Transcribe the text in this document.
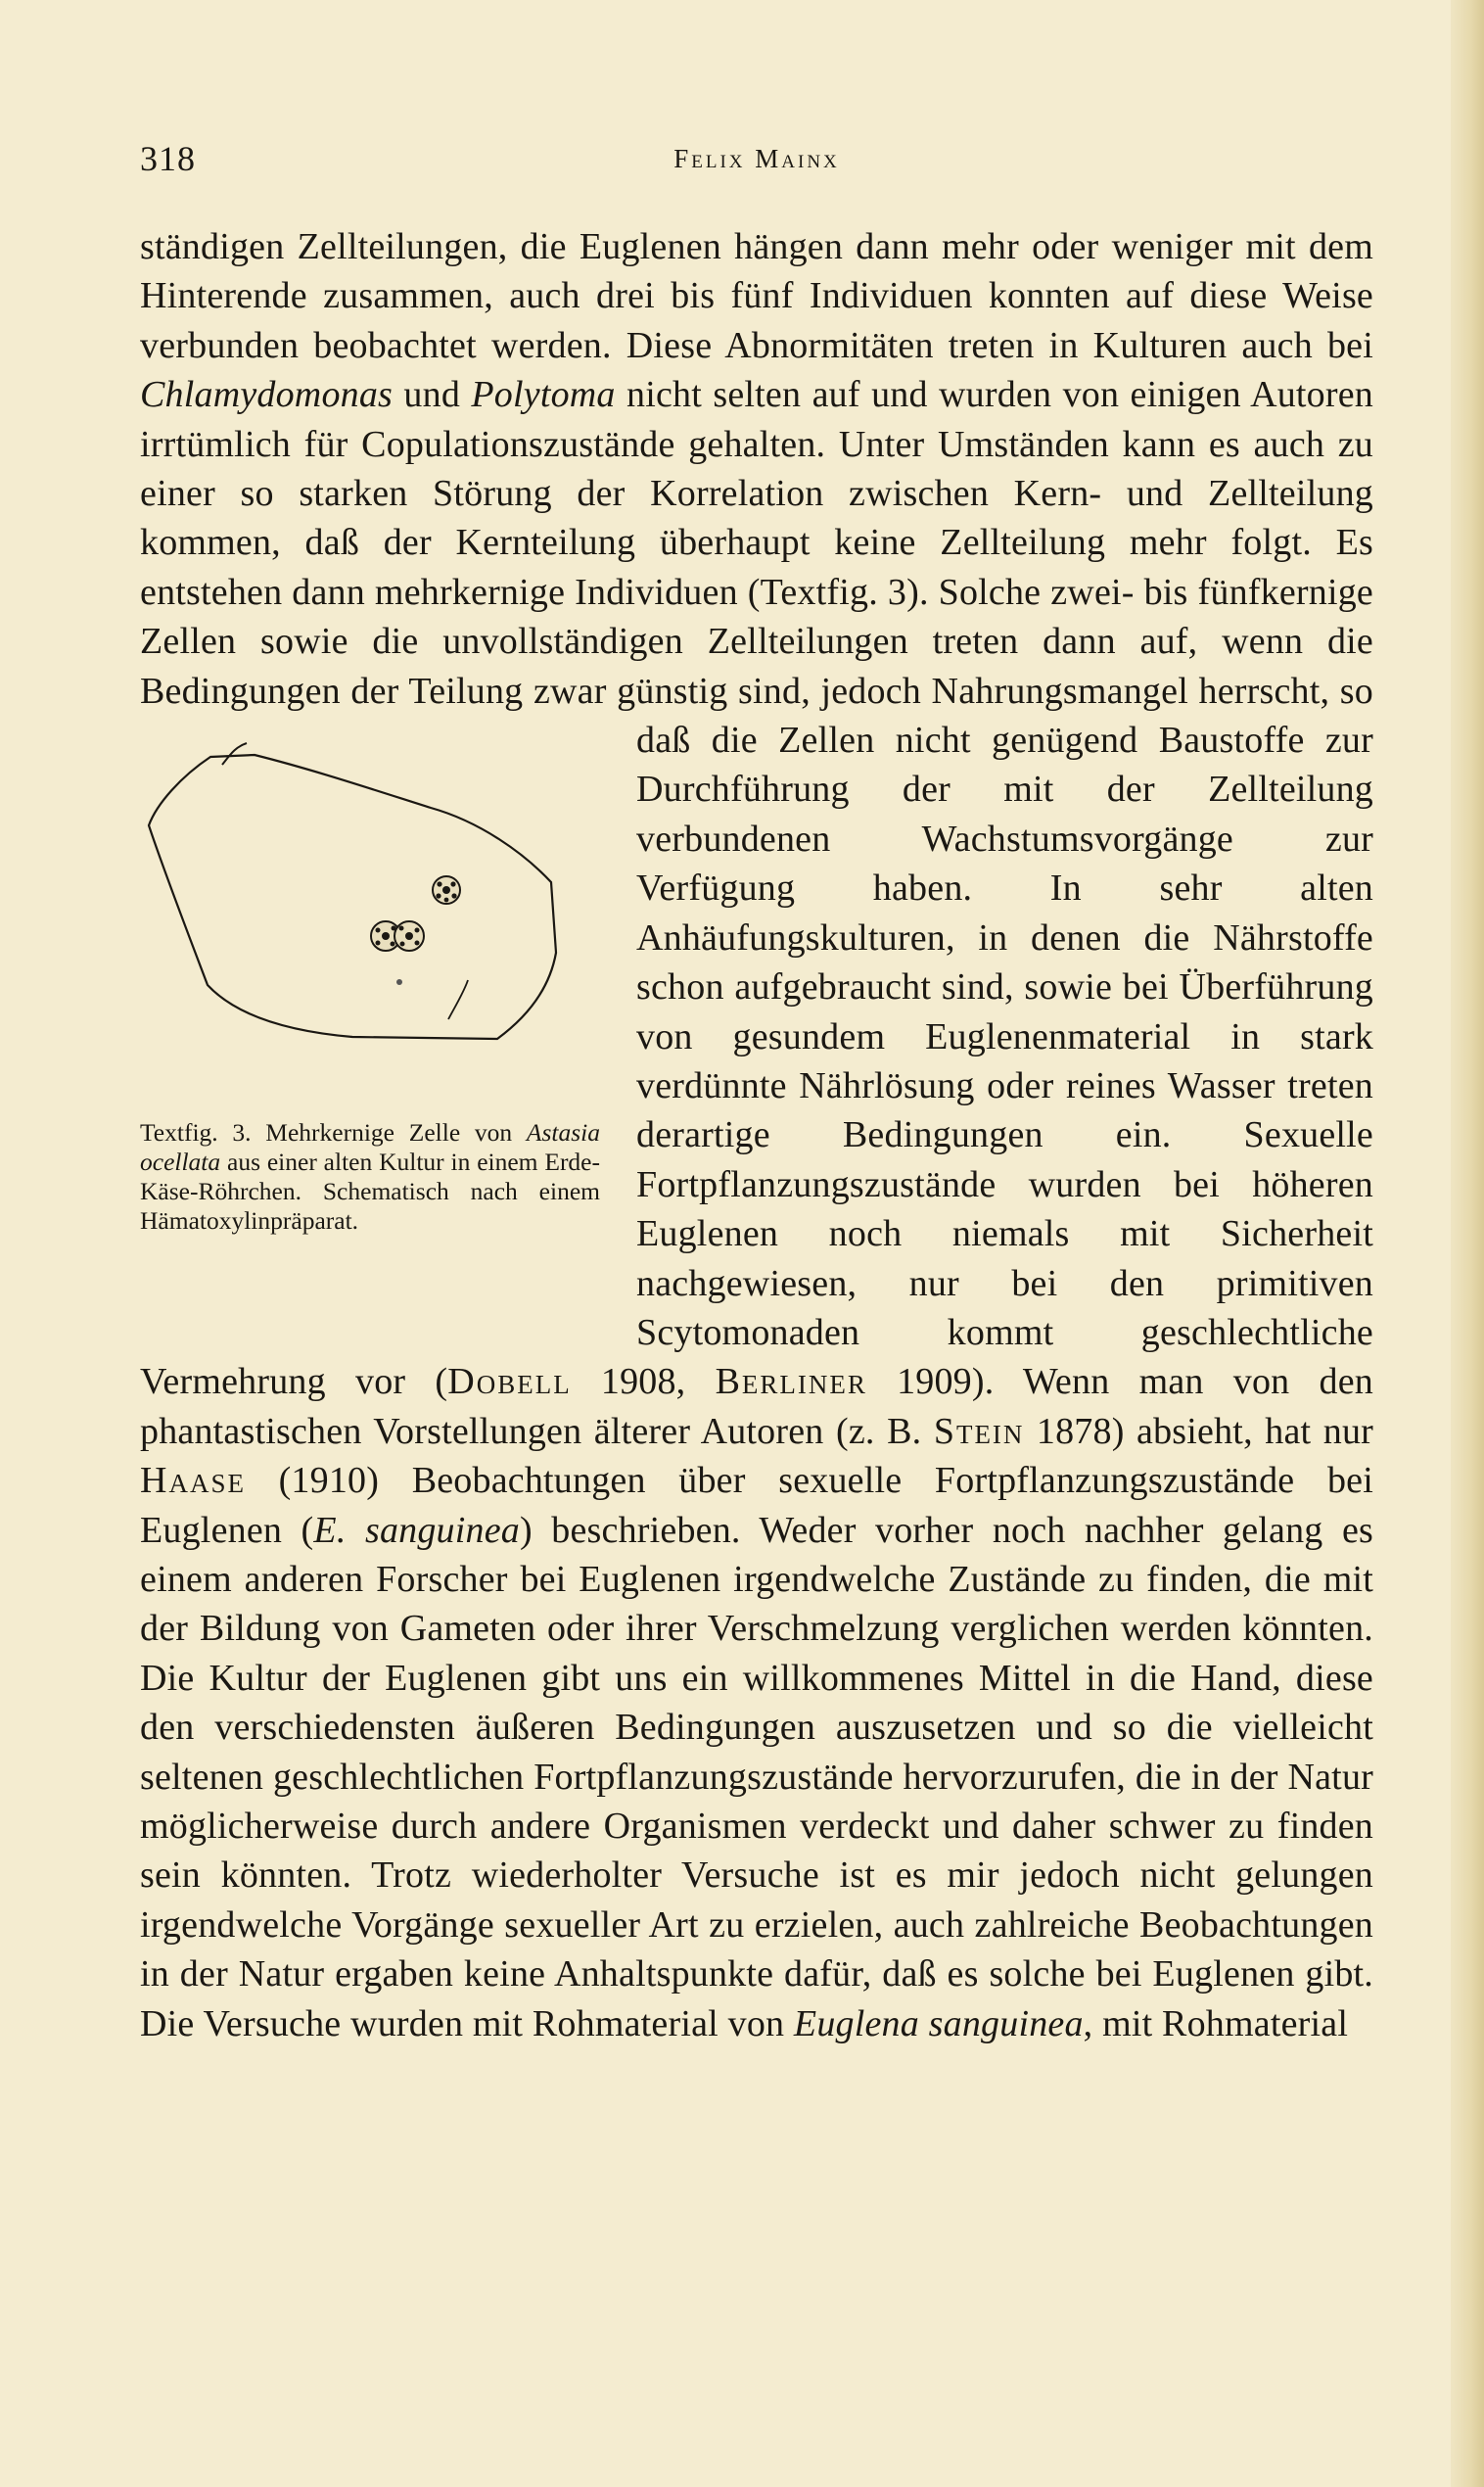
318	Felix Mainx

ständigen Zellteilungen, die Euglenen hängen dann mehr oder weniger mit dem Hinterende zusammen, auch drei bis fünf Individuen konnten auf diese Weise verbunden beobachtet werden. Diese Abnormitäten treten in Kulturen auch bei Chlamydomonas und Polytoma nicht selten auf und wurden von einigen Autoren irrtümlich für Copulationszustände gehalten. Unter Umständen kann es auch zu einer so starken Störung der Korrelation zwischen Kern- und Zellteilung kommen, daß der Kernteilung überhaupt keine Zellteilung mehr folgt. Es entstehen dann mehrkernige Individuen (Textfig. 3). Solche zwei- bis fünfkernige Zellen sowie die unvollständigen Zellteilungen treten dann auf, wenn die Bedingungen der Teilung zwar günstig sind, jedoch Nahrungsmangel herrscht, so daß
die Zellen nicht genügend Baustoffe zur Durchführung der mit der Zellteilung verbundenen Wachstumsvorgänge zur Verfügung haben. In sehr alten Anhäufungskulturen, in denen die Nährstoffe schon aufgebraucht sind, sowie bei Überführung von gesundem Euglenenmaterial in stark verdünnte Nährlösung oder reines Wasser treten derartige Bedingungen ein. Sexuelle Fortpflanzungszustände wurden bei höheren Euglenen noch niemals mit Sicherheit nachgewiesen, nur bei den primitiven Scytomonaden kommt geschlechtliche Vermehrung vor (Dobell 1908, Berliner 1909). Wenn man von den phantastischen Vorstellungen älterer Autoren (z. B. Stein 1878) absieht, hat nur Haase (1910) Beobachtungen über sexuelle Fortpflanzungszustände bei Euglenen (E. sanguinea) beschrieben. Weder vorher noch nachher gelang es einem anderen Forscher bei Euglenen irgendwelche Zustände zu finden, die mit der Bildung von Gameten oder ihrer Verschmelzung verglichen werden könnten. Die Kultur der Euglenen gibt uns ein willkommenes Mittel in die Hand, diese den verschiedensten äußeren Bedingungen auszusetzen und so die vielleicht seltenen geschlechtlichen Fortpflanzungszustände hervorzurufen, die in der Natur möglicherweise durch andere Organismen verdeckt und daher schwer zu finden sein könnten. Trotz wiederholter Versuche ist es mir jedoch nicht gelungen irgendwelche Vorgänge sexueller Art zu erzielen, auch zahlreiche Beobachtungen in der Natur ergaben keine Anhaltspunkte dafür, daß es solche bei Euglenen gibt. Die Versuche wurden mit Rohmaterial von Euglena sanguinea, mit Rohmaterial

Textfig. 3. Mehrkernige Zelle von Astasia ocellata aus einer alten Kultur in einem Erde-Käse-Röhrchen. Schematisch nach einem Hämatoxylinpräparat.
